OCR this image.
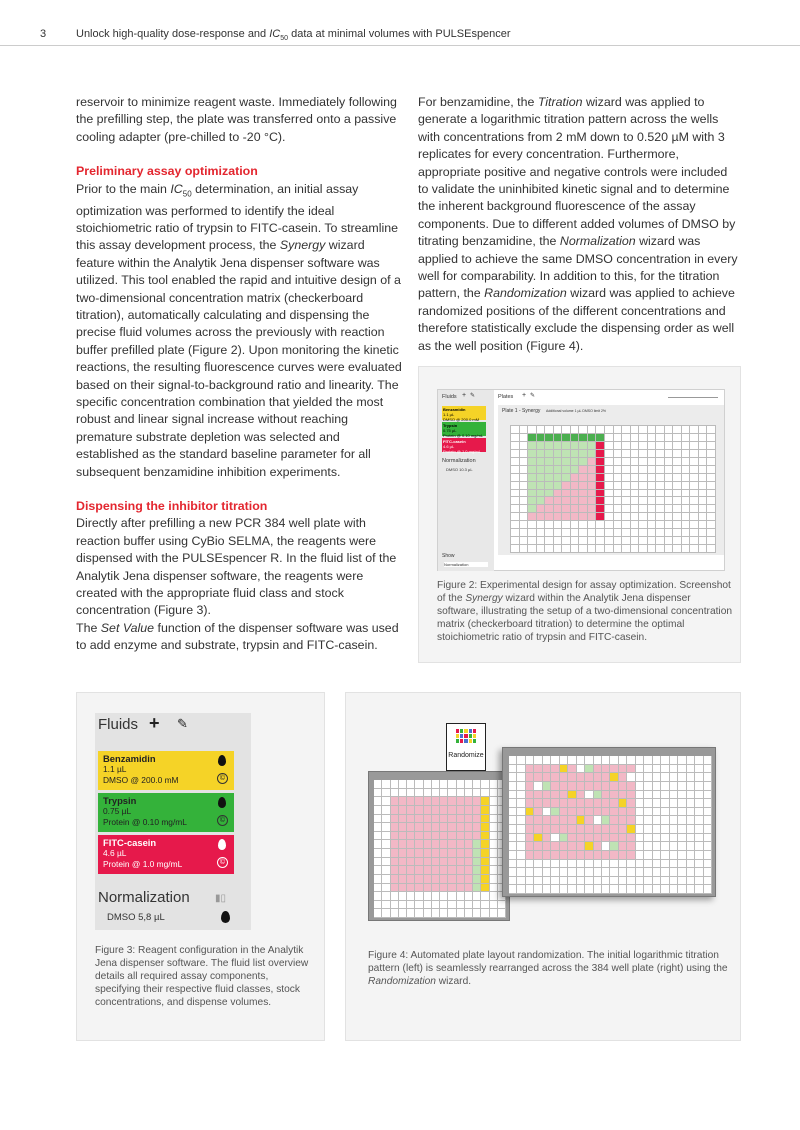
3	Unlock high-quality dose-response and $IC_{50}$ data at minimal volumes with PULSEspencer

reservoir to minimize reagent waste. Immediately following the prefilling step, the plate was transferred onto a passive cooling adapter (pre-chilled to -20 °C).

Preliminary assay optimization

Prior to the main $IC_{50}$ determination, an initial assay optimization was performed to identify the ideal stoichiometric ratio of trypsin to FITC-casein. To streamline this assay development process, the Synergy wizard feature within the Analytik Jena dispenser software was utilized. This tool enabled the rapid and intuitive design of a two-dimensional concentration matrix (checkerboard titration), automatically calculating and dispensing the precise fluid volumes across the previously with reaction buffer prefilled plate (Figure 2). Upon monitoring the kinetic reactions, the resulting fluorescence curves were evaluated based on their signal-to-background ratio and linearity. The specific concentration combination that yielded the most robust and linear signal increase without reaching premature substrate depletion was selected and established as the standard baseline parameter for all subsequent benzamidine inhibition experiments.

Dispensing the inhibitor titration

Directly after prefilling a new PCR 384 well plate with reaction buffer using CyBio SELMA, the reagents were dispensed with the PULSEspencer R. In the fluid list of the Analytik Jena dispenser software, the reagents were created with the appropriate fluid class and stock concentration (Figure 3).

The Set Value function of the dispenser software was used to add enzyme and substrate, trypsin and FITC-casein.

For benzamidine, the Titration wizard was applied to generate a logarithmic titration pattern across the wells with concentrations from 2 mM down to 0.520 µM with 3 replicates for every concentration. Furthermore, appropriate positive and negative controls were included to validate the uninhibited kinetic signal and to determine the inherent background fluorescence of the assay components. Due to different added volumes of DMSO by titrating benzamidine, the Normalization wizard was applied to achieve the same DMSO concentration in every well for comparability. In addition to this, for the titration pattern, the Randomization wizard was applied to achieve randomized positions of the different concentrations and therefore statistically exclude the dispensing order as well as the well position (Figure 4).

Fluids + ✎
Benzamidin
1.1 µL
DMSO @ 200.0 mM
Trypsin
0.75 µL
Protein @ 0.10 mg/mL
FITC-casein
4.6 µL
Protein @ 1.0 mg/mL
Normalization
DMSO 10.3 µL
Show
Normalization
Plates + ✎
Plate 1 - Synergy Additional volume 1 µL DMSO limit 2%
Figure 2: Experimental design for assay optimization. Screenshot of the Synergy wizard within the Analytik Jena dispenser software, illustrating the setup of a two-dimensional concentration matrix (checkerboard titration) to determine the optimal stoichiometric ratio of trypsin and FITC-casein.
Fluids + ✎
Benzamidin
1.1 µL
DMSO @ 200.0 mM	©
Trypsin
0.75 µL
Protein @ 0.10 mg/mL	©
FITC-casein
4.6 µL
Protein @ 1.0 mg/mL	©
Normalization	▮▯
DMSO 5,8 µL
Figure 3: Reagent configuration in the Analytik Jena dispenser software. The fluid list overview details all required assay components, specifying their respective fluid classes, stock concentrations, and dispense volumes.
Randomize
Figure 4: Automated plate layout randomization. The initial logarithmic titration pattern (left) is seamlessly rearranged across the 384 well plate (right) using the Randomization wizard.
